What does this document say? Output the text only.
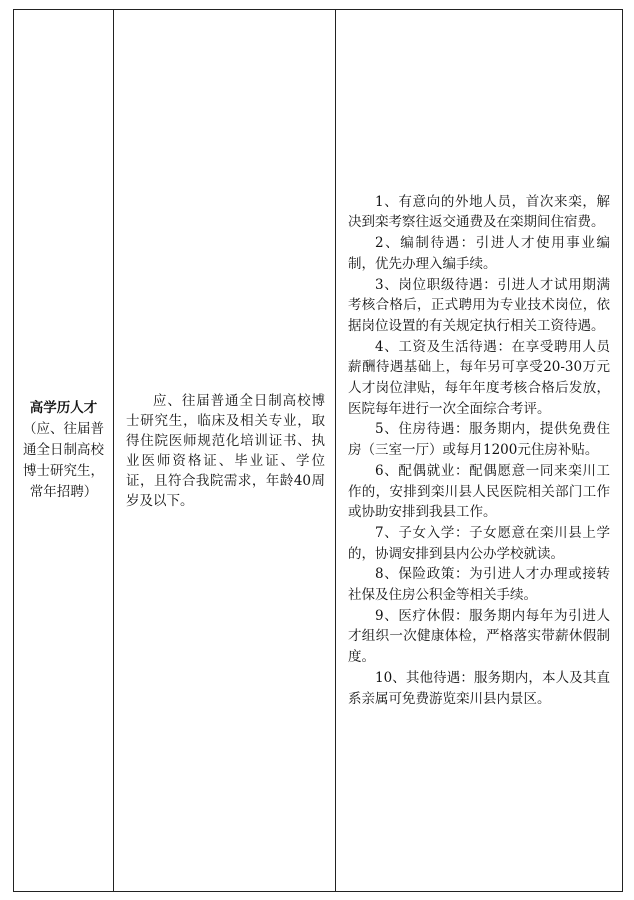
高学历人才
（应、往届普通全日制高校博士研究生，常年招聘）
应、往届普通全日制高校博士研究生，临床及相关专业，取得住院医师规范化培训证书、执业医师资格证、毕业证、学位证，且符合我院需求，年龄40周岁及以下。

1、有意向的外地人员，首次来栾，解决到栾考察往返交通费及在栾期间住宿费。

2、编制待遇：引进人才使用事业编制，优先办理入编手续。

3、岗位职级待遇：引进人才试用期满考核合格后，正式聘用为专业技术岗位，依据岗位设置的有关规定执行相关工资待遇。

4、工资及生活待遇：在享受聘用人员薪酬待遇基础上，每年另可享受20-30万元人才岗位津贴，每年年度考核合格后发放，医院每年进行一次全面综合考评。

5、住房待遇：服务期内，提供免费住房（三室一厅）或每月1200元住房补贴。

6、配偶就业：配偶愿意一同来栾川工作的，安排到栾川县人民医院相关部门工作或协助安排到我县工作。

7、子女入学：子女愿意在栾川县上学的，协调安排到县内公办学校就读。

8、保险政策：为引进人才办理或接转社保及住房公积金等相关手续。

9、医疗休假：服务期内每年为引进人才组织一次健康体检，严格落实带薪休假制度。

10、其他待遇：服务期内，本人及其直系亲属可免费游览栾川县内景区。
